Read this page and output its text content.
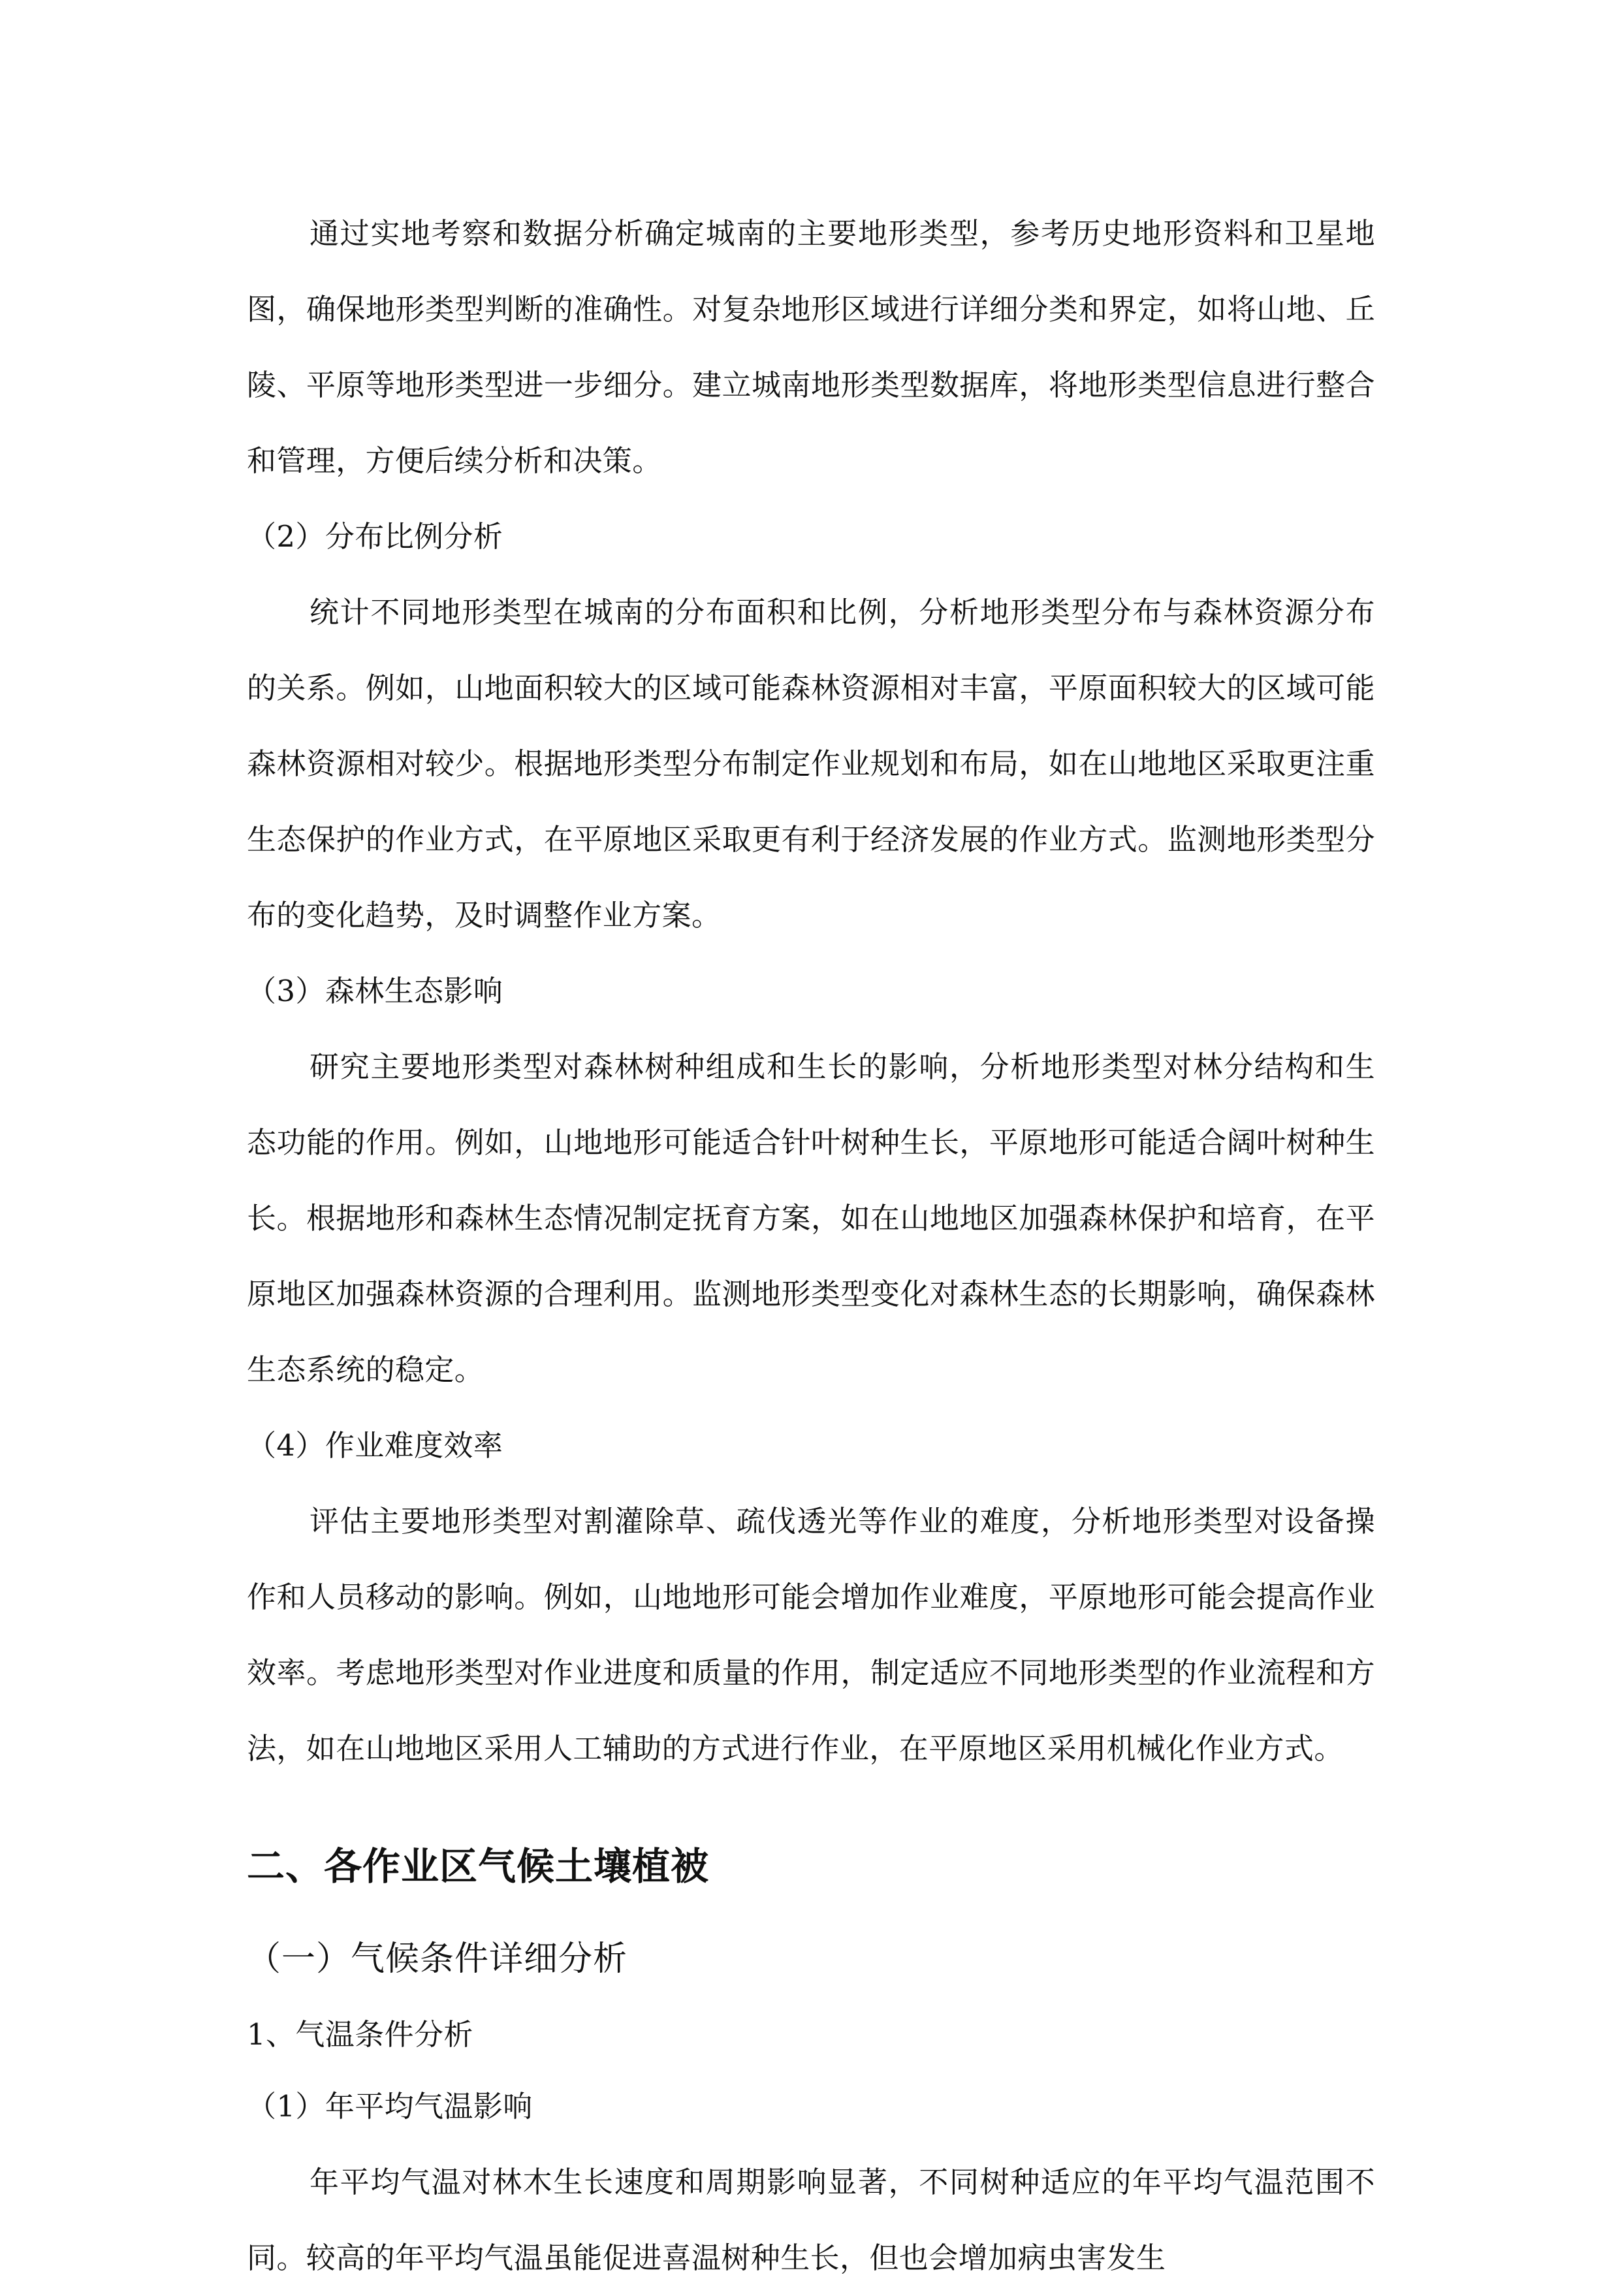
通过实地考察和数据分析确定城南的主要地形类型，参考历史地形资料和卫星地图，确保地形类型判断的准确性。对复杂地形区域进行详细分类和界定，如将山地、丘陵、平原等地形类型进一步细分。建立城南地形类型数据库，将地形类型信息进行整合和管理，方便后续分析和决策。

（2）分布比例分析

统计不同地形类型在城南的分布面积和比例，分析地形类型分布与森林资源分布的关系。例如，山地面积较大的区域可能森林资源相对丰富，平原面积较大的区域可能森林资源相对较少。根据地形类型分布制定作业规划和布局，如在山地地区采取更注重生态保护的作业方式，在平原地区采取更有利于经济发展的作业方式。监测地形类型分布的变化趋势，及时调整作业方案。

（3）森林生态影响

研究主要地形类型对森林树种组成和生长的影响，分析地形类型对林分结构和生态功能的作用。例如，山地地形可能适合针叶树种生长，平原地形可能适合阔叶树种生长。根据地形和森林生态情况制定抚育方案，如在山地地区加强森林保护和培育，在平原地区加强森林资源的合理利用。监测地形类型变化对森林生态的长期影响，确保森林生态系统的稳定。

（4）作业难度效率

评估主要地形类型对割灌除草、疏伐透光等作业的难度，分析地形类型对设备操作和人员移动的影响。例如，山地地形可能会增加作业难度，平原地形可能会提高作业效率。考虑地形类型对作业进度和质量的作用，制定适应不同地形类型的作业流程和方法，如在山地地区采用人工辅助的方式进行作业，在平原地区采用机械化作业方式。

二、各作业区气候土壤植被
（一）气候条件详细分析

1、气温条件分析

（1）年平均气温影响

年平均气温对林木生长速度和周期影响显著，不同树种适应的年平均气温范围不同。较高的年平均气温虽能促进喜温树种生长，但也会增加病虫害发生
